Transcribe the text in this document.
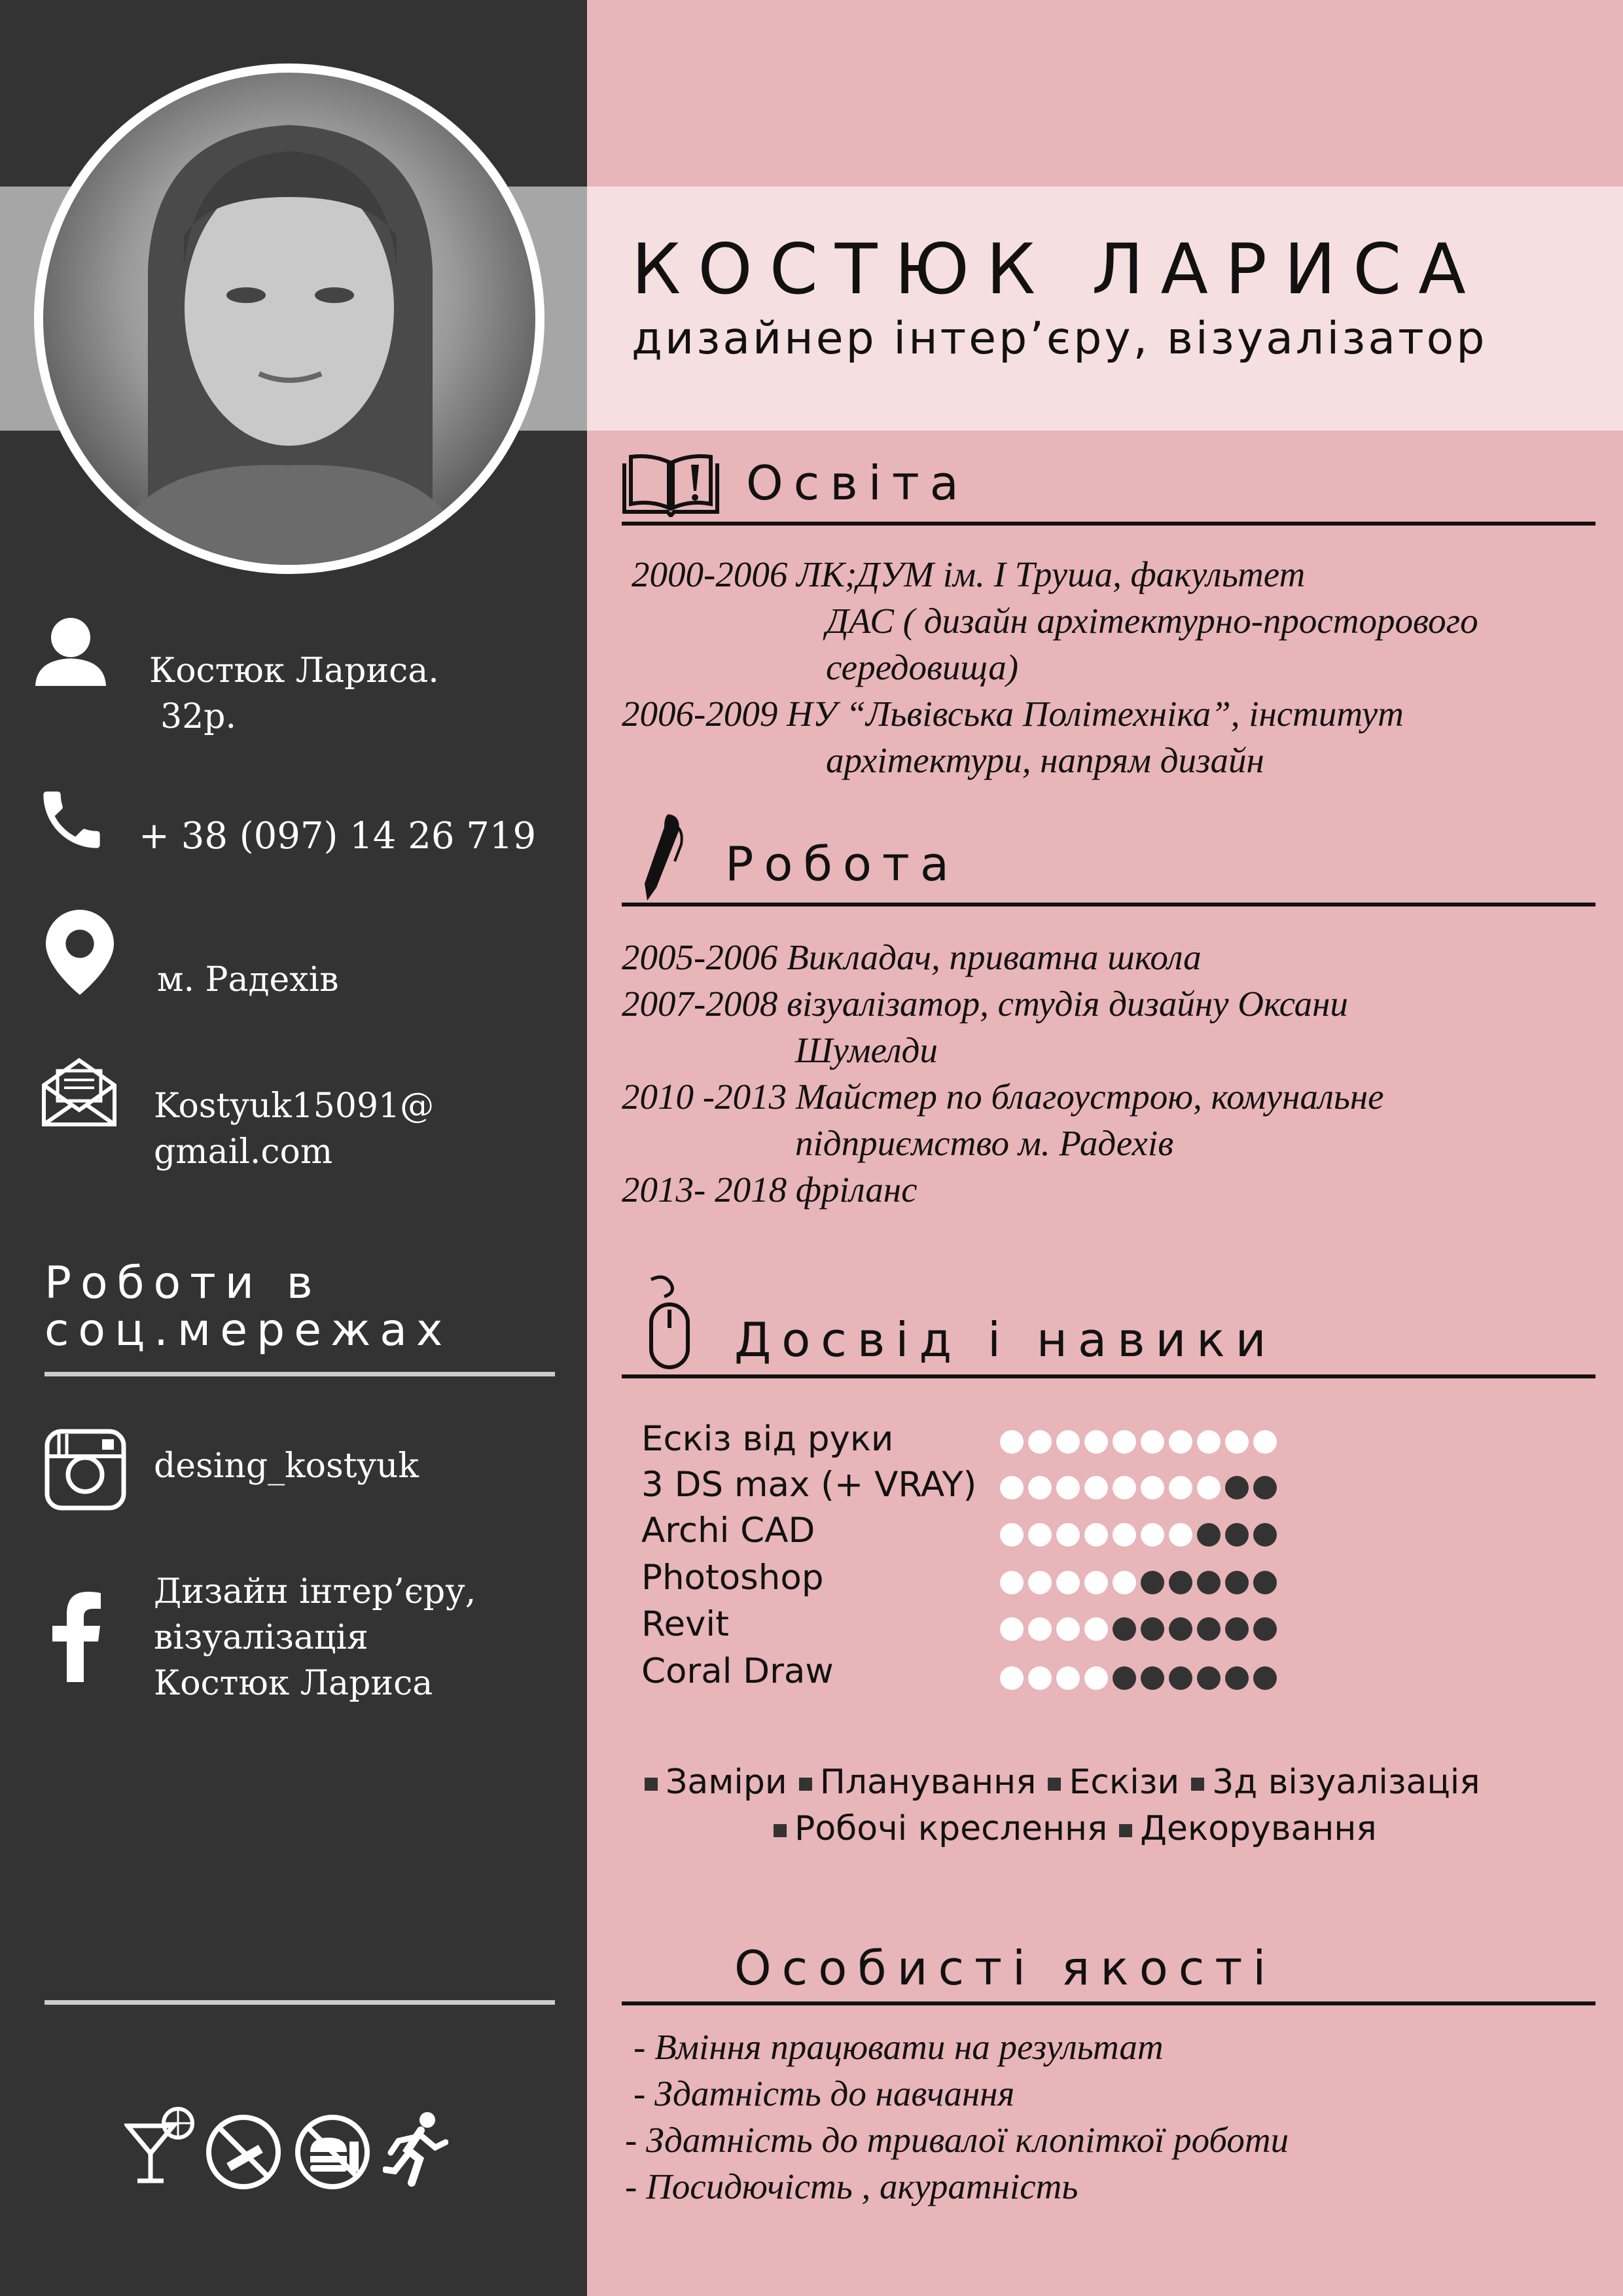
КОСТЮК ЛАРИСА
дизайнер інтер’єру, візуалізатор
Костюк Лариса.
32р.
+ 38 (097) 14 26 719
м. Радехів
Kostyuk15091@
gmail.com
Роботи в
соц.мережах
desing_kostyuk
Дизайн інтер’єру,
візуалізація
Костюк Лариса
Освіта
2000-2006 ЛК;ДУМ ім. І Труша, факультет
ДАС ( дизайн архітектурно-просторового
середовища)
2006-2009 НУ “Львівська Політехніка”, інститут
архітектури, напрям дизайн
Робота
2005-2006 Викладач, приватна школа
2007-2008 візуалізатор, студія дизайну Оксани
Шумелди
2010 -2013 Майстер по благоустрою, комунальне
підприємство м. Радехів
2013- 2018 фріланс
Досвід і навики
Ескіз від руки
3 DS max (+ VRAY)
Archi CAD
Photoshop
Revit
Coral Draw
Заміри Планування Ескізи 3д візуалізація
Робочі креслення Декорування
Особисті якості
- Вміння працювати на результат
- Здатність до навчання
- Здатність до тривалої клопіткої роботи
- Посидючість , акуратність
